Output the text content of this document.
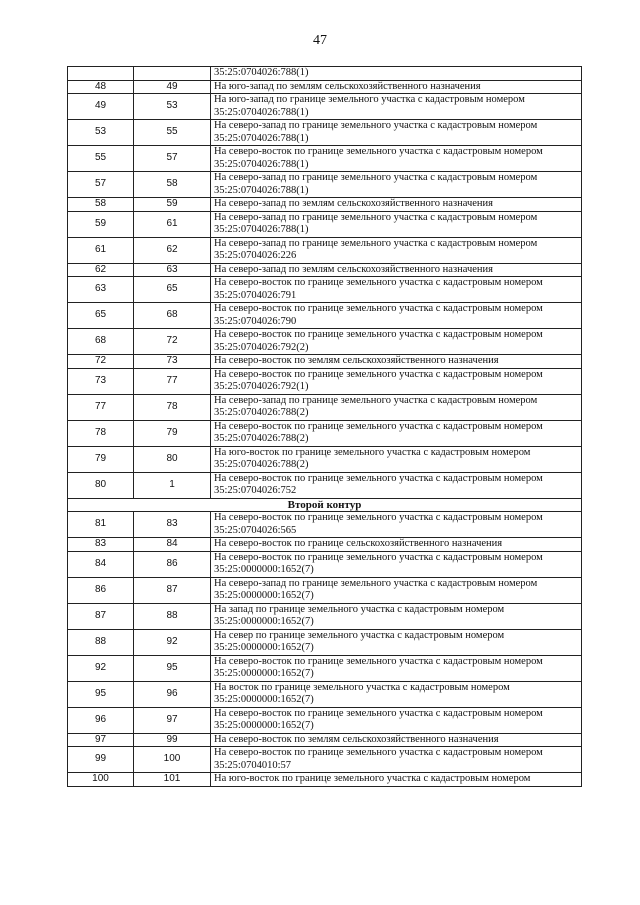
47
		35:25:0704026:788(1)
48	49	На юго-запад по землям сельскохозяйственного назначения
49	53	На юго-запад по границе земельного участка с кадастровым номером 35:25:0704026:788(1)
53	55	На северо-запад по границе земельного участка с кадастровым номером 35:25:0704026:788(1)
55	57	На северо-восток по границе земельного участка с кадастровым номером 35:25:0704026:788(1)
57	58	На северо-запад по границе земельного участка с кадастровым номером 35:25:0704026:788(1)
58	59	На северо-запад по землям сельскохозяйственного назначения
59	61	На северо-запад по границе земельного участка с кадастровым номером 35:25:0704026:788(1)
61	62	На северо-запад по границе земельного участка с кадастровым номером 35:25:0704026:226
62	63	На северо-запад по землям сельскохозяйственного назначения
63	65	На северо-восток по границе земельного участка с кадастровым номером 35:25:0704026:791
65	68	На северо-восток по границе земельного участка с кадастровым номером 35:25:0704026:790
68	72	На северо-восток по границе земельного участка с кадастровым номером 35:25:0704026:792(2)
72	73	На северо-восток по землям сельскохозяйственного назначения
73	77	На северо-восток по границе земельного участка с кадастровым номером 35:25:0704026:792(1)
77	78	На северо-запад по границе земельного участка с кадастровым номером 35:25:0704026:788(2)
78	79	На северо-восток по границе земельного участка с кадастровым номером 35:25:0704026:788(2)
79	80	На юго-восток по границе земельного участка с кадастровым номером 35:25:0704026:788(2)
80	1	На северо-восток по границе земельного участка с кадастровым номером 35:25:0704026:752
Второй контур		
81	83	На северо-восток по границе земельного участка с кадастровым номером 35:25:0704026:565
83	84	На северо-восток по границе сельскохозяйственного назначения
84	86	На северо-восток по границе земельного участка с кадастровым номером 35:25:0000000:1652(7)
86	87	На северо-запад по границе земельного участка с кадастровым номером 35:25:0000000:1652(7)
87	88	На запад по границе земельного участка с кадастровым номером 35:25:0000000:1652(7)
88	92	На север по границе земельного участка с кадастровым номером 35:25:0000000:1652(7)
92	95	На северо-восток по границе земельного участка с кадастровым номером 35:25:0000000:1652(7)
95	96	На восток по границе земельного участка с кадастровым номером 35:25:0000000:1652(7)
96	97	На северо-восток по границе земельного участка с кадастровым номером 35:25:0000000:1652(7)
97	99	На северо-восток по землям сельскохозяйственного назначения
99	100	На северо-восток по границе земельного участка с кадастровым номером 35:25:0704010:57
100	101	На юго-восток по границе земельного участка с кадастровым номером
